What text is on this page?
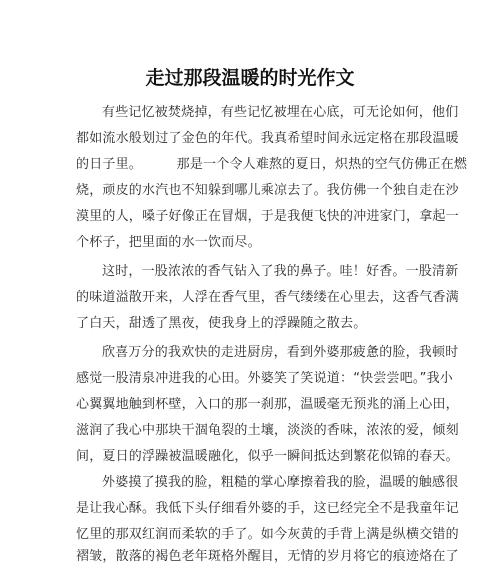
走过那段温暖的时光作文
有些记忆被焚烧掉，有些记忆被埋在心底，可无论如何，他们
都如流水般划过了金色的年代。我真希望时间永远定格在那段温暖
的日子里。        那是一个令人难熬的夏日，炽热的空气仿佛正在燃
烧，顽皮的水汽也不知躲到哪儿乘凉去了。我仿佛一个独自走在沙
漠里的人，嗓子好像正在冒烟，于是我便飞快的冲进家门，拿起一
个杯子，把里面的水一饮而尽。
这时，一股浓浓的香气钻入了我的鼻子。哇！好香。一股清新
的味道溢散开来，人浮在香气里，香气缕缕在心里去，这香气香满
了白天，甜透了黑夜，使我身上的浮躁随之散去。
欣喜万分的我欢快的走进厨房，看到外婆那疲惫的脸，我顿时
感觉一股清泉冲进我的心田。外婆笑了笑说道：“快尝尝吧。”我小
心翼翼地触到杯壁，入口的那一刹那，温暖毫无预兆的涌上心田，
滋润了我心中那块干涸龟裂的土壤，淡淡的香味，浓浓的爱，倾刻
间，夏日的浮躁被温暖融化，似乎一瞬间抵达到繁花似锦的春天。
外婆摸了摸我的脸，粗糙的掌心摩擦着我的脸，温暖的触感很
是让我心酥。我低下头仔细看外婆的手，这已经完全不是我童年记
忆里的那双红润而柔软的手了。如今灰黄的手背上满是纵横交错的
褶皱，散落的褐色老年斑格外醒目，无情的岁月将它的痕迹烙在了
